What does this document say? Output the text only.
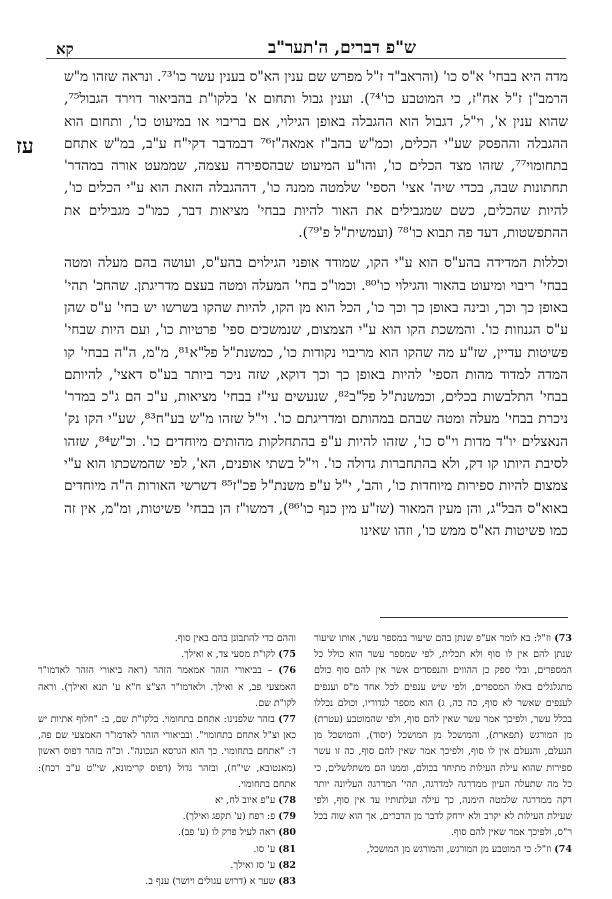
ש"פ דברים, ה'תער"ב
קא
עז

מדה היא בבחי' א"ס כו' (והראב"ד ז"ל מפרש שם ענין הא"ס בענין עשר כו'⁷³. ונראה שזהו מ"ש הרמב"ן ז"ל אח"ז, כי המוטבע כו'⁷⁴). וענין גבול ותחום א' בלקו"ת בהביאור דוירד הגבול⁷⁵, שהוא ענין א', וי"ל, דגבול הוא ההגבלה באופן הגילוי, אם בריבוי או במיעוט כו', ותחום הוא ההגבלה וההפסק שע"י הכלים, וכמ"ש בהב"ז אמאה"ז⁷⁶ דבמדבר דקי"ח ע"ב, במ"ש אתחם בתחומוי⁷⁷, שזהו מצד הכלים כו', והו"ע המיעוט שבהספירה עצמה, שממעט אורה במהדר' תחתונות שבה, בכדי שיה' אצי' הספי' שלמטה ממנה כו', דההגבלה הזאת הוא ע"י הכלים כו', להיות שהכלים, כשם שמגבילים את האור להיות בבחי' מציאות דבר, כמו"כ מגבילים את ההתפשטות, דעד פה תבוא כו'⁷⁸ (ועמשית"ל פ'⁷⁹).

וכללות המדידה בהע"ס הוא ע"י הקו, שמודד אופני הגילוים בהע"ס, ועושה בהם מעלה ומטה בבחי' ריבוי ומיעוט בהאור והגילוי כו'⁸⁰. וכמו"כ בחי' המעלה ומטה בעצם מדריגתן. שהחכ' תהי' באופן כך וכך, ובינה באופן כך וכך כו', הכל הוא מן הקו, להיות שהקו בשרשו יש בחי' ע"ס שהן ע"ס הגנוזות כו'. והמשכת הקו הוא ע"י הצמצום, שנמשכים ספי' פרטיות כו', ועם היות שבחי' פשיטות עדיין, שז"ע מה שהקו הוא מריבוי נקודות כו', כמשנת"ל פל"א⁸¹, מ"מ, ה"ה בבחי' קו המדה למדוד מהות הספי' להיות באופן כך וכך דוקא, שזה ניכר ביותר בע"ס דאצי', להיותם בבחי' התלבשות בכלים, וכמשנת"ל פל"ב⁸², שנעשים עי"ז בבחי' מציאות, ע"כ הם ג"כ במדר' ניכרת בבחי' מעלה ומטה שבהם במהותם ומדריגתם כו'. וי"ל שזהו מ"ש בע"ח⁸³, שע"י הקו נק' הנאצלים יו"ד מדות וי"ס כו', שזהו להיות ע"פ בהתחלקות מהותים מיוחדים כו'. וכ"ש⁸⁴, שזהו לסיבת היותו קו דק, ולא בהתחברות גדולה כו'. וי"ל בשתי אופנים, הא', לפי שהמשכתו הוא ע"י צמצום להיות ספירות מיוחדות כו', והב', י"ל ע"פ משנת"ל פכ"ז⁸⁵ דשרשי האורות ה"ה מיוחדים באוא"ס הבל"ג, והן מעין המאור (שז"ע מין כנף כו'⁸⁶), דמשו"ז הן בבחי' פשיטות, ומ"מ, אין זה כמו פשיטות הא"ס ממש כו', וזהו שאינו

73) וז"ל: בא לומר אע"פ שנתן בהם שיעור במספר עשר, אותו שיעור שנתן להם אין לו סוף ולא תכלית, לפי שמספר עשר הוא כולל כל המספרים, ובלי ספק כן ההווים והנפסדים אשר אין להם סוף כולם מתגלגלים באלו המספרים, ולפי שיש ענפים לכל אחד מ"ס וענפים לענפים שאשר לא סוף, כה כה, ג) הוא מספר לגדוריו, וכולם נכללו בכלל עשר, ולפיכך אמר עשר שאין להם סוף, ולפי שהמוטבע (עטרת) מן המורגש (תפארת), והמושכל מן המושכל (יסוד), והמושכל מן הנעלם, והנעלם אין לו סוף, ולפיכך אמר שאין להם סוף, כה זו עשר ספירות שהוא עילת העילות מתיחד בכולם, וממנו הם משתלשלים, כי כל מה שתעלה העיון ממדרגה למדרגה, תהי' המדרגה העליונה יותר דקה ממדרגה שלמטה הימנה, כך עילה ועלתותיו עד אין סוף, ולפי שעילת העילות לא יקרב ולא ירחק לדבר מן הדברים, אך הוא שוה בכל ר"ס, ולפיכך אמר שאין להם סוף.

74) וז"ל: כי המוטבע מן המורגש, והמורגש מן המושכל,

וההם כדי להתבונן בהם באין סוף.

75) לקו"ת מסעי צד, א ואילך.

76) – בביאורי הזהר אמאמר הזהר (ראה ביאורי הזהר לאדמו"ר האמצעי פב, א ואילך. ולאדמו"ר הצ"צ ח"א ע' תנא ואילך). וראה לקו"ת שם.

77) בזהר שלפנינו: אתחם בתחומוי. בלקו"ת שם, ב: "חלוף אתיות יש כאן וצ"ל אתחם בתחומוי". ובביאורי הזהר לאדמו"ר האמצעי שם פה, ד: "אתחם בתחומוי. כך הוא הגרסא הנכונה". וכ"ה בזהר דפוס ראשון (מאנטובא, שי"ח), ובזהר גדול (דפוס קרימונא, שי"ט ע"ב רכח): אתחם בתחומוי.

78) ע"פ איוב לח, יא

79) פ: רפח (ע' תקפג ואילך).

80) ראה לעיל פרק לו (ע' פב).

81) ע' סו.

82) ע' סז ואילך.

83) שער א (דרוש עגולים ויושר) ענף ב.
